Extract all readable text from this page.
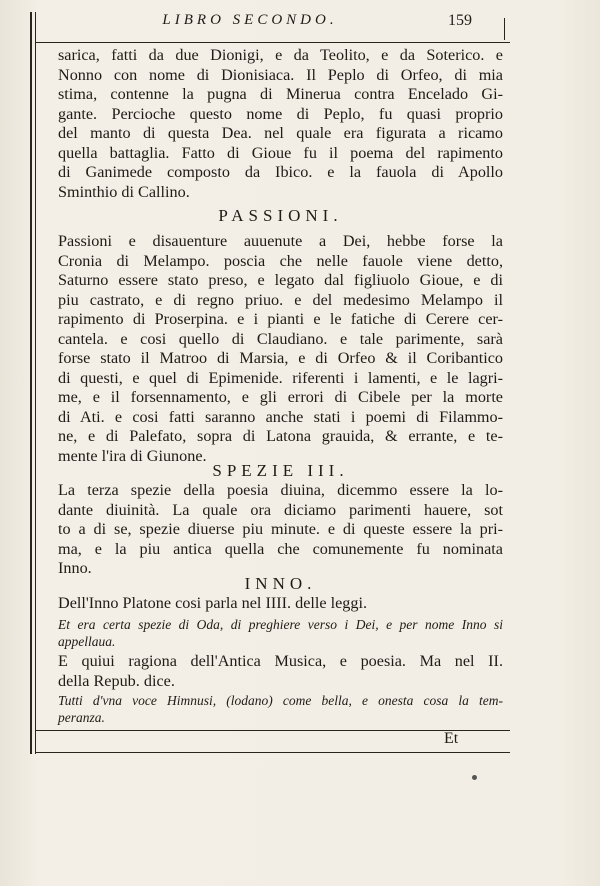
LIBRO SECONDO.	159
sarica, fatti da due Dionigi, e da Teolito, e da Soterico. e
Nonno con nome di Dionisiaca. Il Peplo di Orfeo, di mia
stima, contenne la pugna di Minerua contra Encelado Gi-
gante. Percioche questo nome di Peplo, fu quasi proprio
del manto di questa Dea. nel quale era figurata a ricamo
quella battaglia. Fatto di Gioue fu il poema del rapimento
di Ganimede composto da Ibico. e la fauola di Apollo
Sminthio di Callino.
PASSIONI.
Passioni e disauenture auuenute a Dei, hebbe forse la
Cronia di Melampo. poscia che nelle fauole viene detto,
Saturno essere stato preso, e legato dal figliuolo Gioue, e di
piu castrato, e di regno priuo. e del medesimo Melampo il
rapimento di Proserpina. e i pianti e le fatiche di Cerere cer-
cantela. e cosi quello di Claudiano. e tale parimente, sarà
forse stato il Matroo di Marsia, e di Orfeo & il Coribantico
di questi, e quel di Epimenide. riferenti i lamenti, e le lagri-
me, e il forsennamento, e gli errori di Cibele per la morte
di Ati. e cosi fatti saranno anche stati i poemi di Filammo-
ne, e di Palefato, sopra di Latona grauida, & errante, e te-
mente l'ira di Giunone.
SPEZIE III.
La terza spezie della poesia diuina, dicemmo essere la lo-
dante diuinità. La quale ora diciamo parimenti hauere, sot
to a di se, spezie diuerse piu minute. e di queste essere la pri-
ma, e la piu antica quella che comunemente fu nominata
Inno.
INNO.
Dell'Inno Platone cosi parla nel IIII. delle leggi.
Et era certa spezie di Oda, di preghiere verso i Dei, e per nome Inno si
appellaua.
E quiui ragiona dell'Antica Musica, e poesia. Ma nel II.
della Repub. dice.
Tutti d'vna voce Himnusi, (lodano) come bella, e onesta cosa la tem-
peranza.
Et
